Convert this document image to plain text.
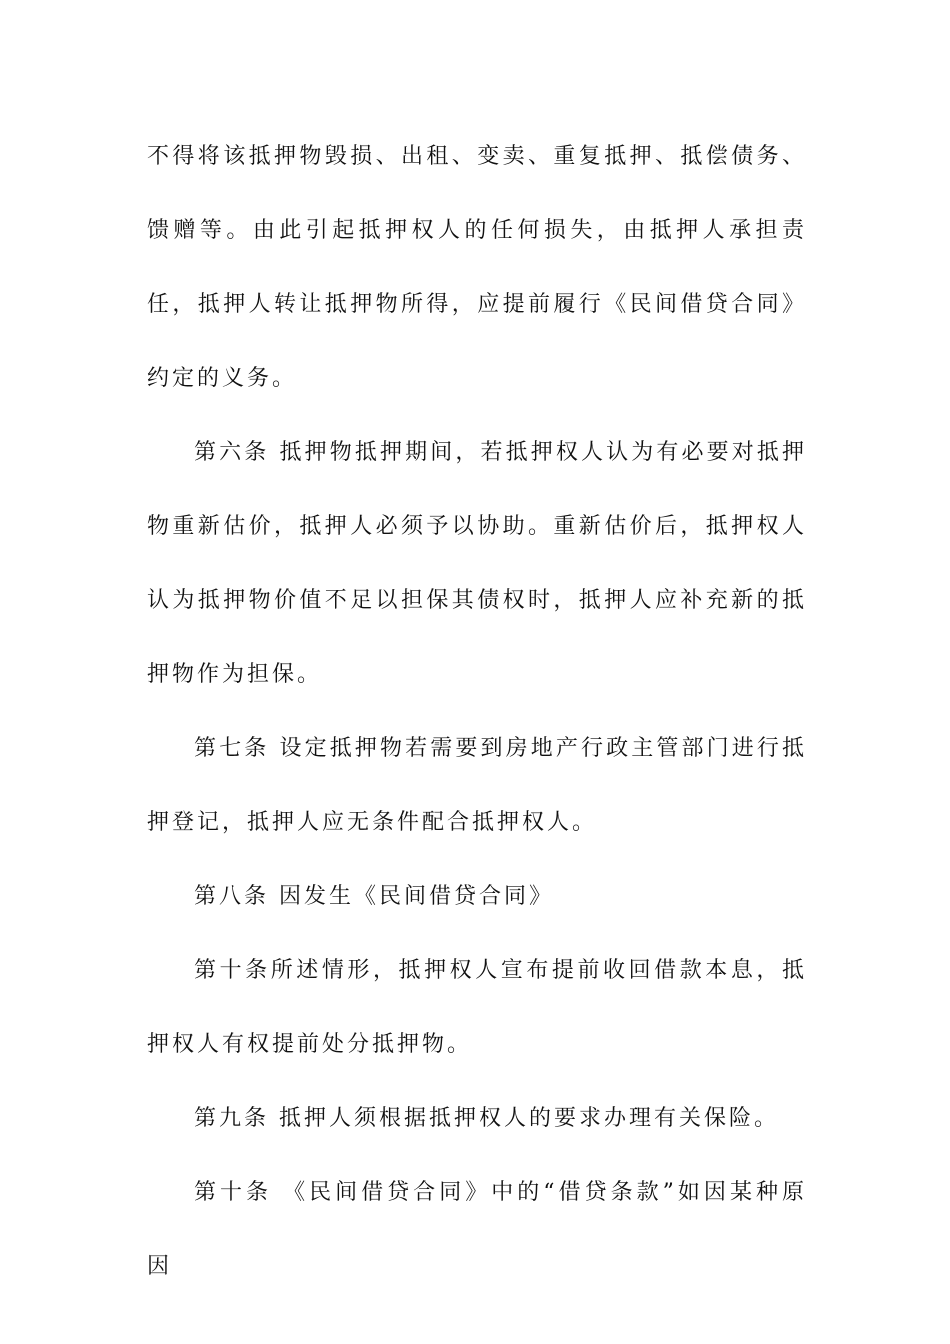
不得将该抵押物毁损、出租、变卖、重复抵押、抵偿债务、馈赠等。由此引起抵押权人的任何损失，由抵押人承担责任，抵押人转让抵押物所得，应提前履行《民间借贷合同》约定的义务。

第六条 抵押物抵押期间，若抵押权人认为有必要对抵押物重新估价，抵押人必须予以协助。重新估价后，抵押权人认为抵押物价值不足以担保其债权时，抵押人应补充新的抵押物作为担保。

第七条 设定抵押物若需要到房地产行政主管部门进行抵押登记，抵押人应无条件配合抵押权人。

第八条 因发生《民间借贷合同》

第十条所述情形，抵押权人宣布提前收回借款本息，抵押权人有权提前处分抵押物。

第九条 抵押人须根据抵押权人的要求办理有关保险。

第十条 《民间借贷合同》中的“借贷条款”如因某种原因
